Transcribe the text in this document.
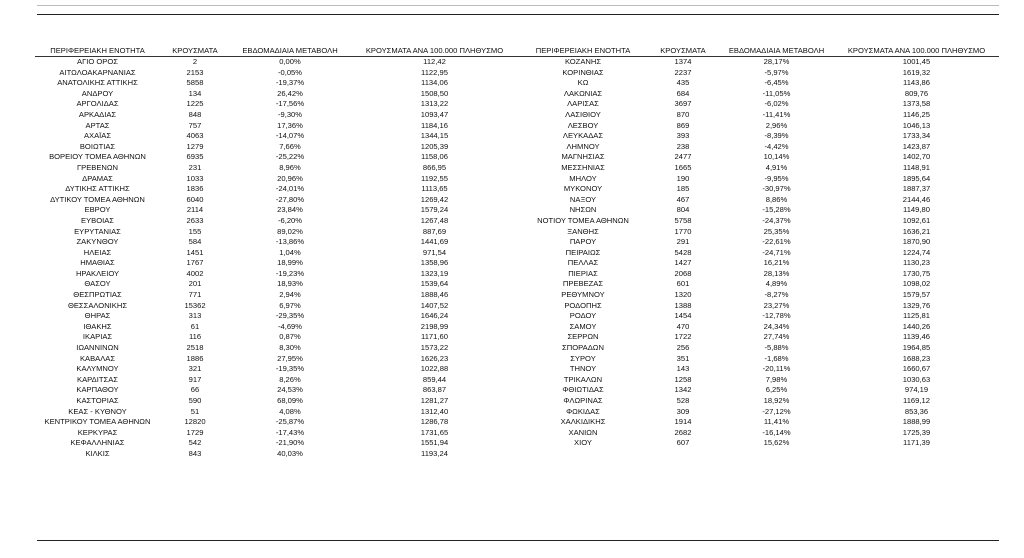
ΠΕΡΙΦΕΡΕΙΑΚΗ ΕΝΟΤΗΤΑ	ΚΡΟΥΣΜΑΤΑ	ΕΒΔΟΜΑΔΙΑΙΑ ΜΕΤΑΒΟΛΗ	ΚΡΟΥΣΜΑΤΑ ΑΝΑ 100.000 ΠΛΗΘΥΣΜΟ	ΠΕΡΙΦΕΡΕΙΑΚΗ ΕΝΟΤΗΤΑ	ΚΡΟΥΣΜΑΤΑ	ΕΒΔΟΜΑΔΙΑΙΑ ΜΕΤΑΒΟΛΗ	ΚΡΟΥΣΜΑΤΑ ΑΝΑ 100.000 ΠΛΗΘΥΣΜΟ
ΑΓΙΟ ΟΡΟΣ	2	0,00%	112,42	ΚΟΖΑΝΗΣ	1374	28,17%	1001,45
ΑΙΤΩΛΟΑΚΑΡΝΑΝΙΑΣ	2153	-0,05%	1122,95	ΚΟΡΙΝΘΙΑΣ	2237	-5,97%	1619,32
ΑΝΑΤΟΛΙΚΗΣ ΑΤΤΙΚΗΣ	5858	-19,37%	1134,06	ΚΩ	435	-6,45%	1143,86
ΑΝΔΡΟΥ	134	26,42%	1508,50	ΛΑΚΩΝΙΑΣ	684	-11,05%	809,76
ΑΡΓΟΛΙΔΑΣ	1225	-17,56%	1313,22	ΛΑΡΙΣΑΣ	3697	-6,02%	1373,58
ΑΡΚΑΔΙΑΣ	848	-9,30%	1093,47	ΛΑΣΙΘΙΟΥ	870	-11,41%	1146,25
ΑΡΤΑΣ	757	17,36%	1184,16	ΛΕΣΒΟΥ	869	2,96%	1046,13
ΑΧΑΪΑΣ	4063	-14,07%	1344,15	ΛΕΥΚΑΔΑΣ	393	-8,39%	1733,34
ΒΟΙΩΤΙΑΣ	1279	7,66%	1205,39	ΛΗΜΝΟΥ	238	-4,42%	1423,87
ΒΟΡΕΙΟΥ ΤΟΜΕΑ ΑΘΗΝΩΝ	6935	-25,22%	1158,06	ΜΑΓΝΗΣΙΑΣ	2477	10,14%	1402,70
ΓΡΕΒΕΝΩΝ	231	8,96%	866,95	ΜΕΣΣΗΝΙΑΣ	1665	4,91%	1148,91
ΔΡΑΜΑΣ	1033	20,96%	1192,55	ΜΗΛΟΥ	190	-9,95%	1895,64
ΔΥΤΙΚΗΣ ΑΤΤΙΚΗΣ	1836	-24,01%	1113,65	ΜΥΚΟΝΟΥ	185	-30,97%	1887,37
ΔΥΤΙΚΟΥ ΤΟΜΕΑ ΑΘΗΝΩΝ	6040	-27,80%	1269,42	ΝΑΞΟΥ	467	8,86%	2144,46
ΕΒΡΟΥ	2114	23,84%	1579,24	ΝΗΣΩΝ	804	-15,28%	1149,80
ΕΥΒΟΙΑΣ	2633	-6,20%	1267,48	ΝΟΤΙΟΥ ΤΟΜΕΑ ΑΘΗΝΩΝ	5758	-24,37%	1092,61
ΕΥΡΥΤΑΝΙΑΣ	155	89,02%	887,69	ΞΑΝΘΗΣ	1770	25,35%	1636,21
ΖΑΚΥΝΘΟΥ	584	-13,86%	1441,69	ΠΑΡΟΥ	291	-22,61%	1870,90
ΗΛΕΙΑΣ	1451	1,04%	971,54	ΠΕΙΡΑΙΩΣ	5428	-24,71%	1224,74
ΗΜΑΘΙΑΣ	1767	18,99%	1358,96	ΠΕΛΛΑΣ	1427	16,21%	1130,23
ΗΡΑΚΛΕΙΟΥ	4002	-19,23%	1323,19	ΠΙΕΡΙΑΣ	2068	28,13%	1730,75
ΘΑΣΟΥ	201	18,93%	1539,64	ΠΡΕΒΕΖΑΣ	601	4,89%	1098,02
ΘΕΣΠΡΩΤΙΑΣ	771	2,94%	1888,46	ΡΕΘΥΜΝΟΥ	1320	-8,27%	1579,57
ΘΕΣΣΑΛΟΝΙΚΗΣ	15362	6,97%	1407,52	ΡΟΔΟΠΗΣ	1388	23,27%	1329,76
ΘΗΡΑΣ	313	-29,35%	1646,24	ΡΟΔΟΥ	1454	-12,78%	1125,81
ΙΘΑΚΗΣ	61	-4,69%	2198,99	ΣΑΜΟΥ	470	24,34%	1440,26
ΙΚΑΡΙΑΣ	116	0,87%	1171,60	ΣΕΡΡΩΝ	1722	27,74%	1139,46
ΙΩΑΝΝΙΝΩΝ	2518	8,30%	1573,22	ΣΠΟΡΑΔΩΝ	256	-5,88%	1964,85
ΚΑΒΑΛΑΣ	1886	27,95%	1626,23	ΣΥΡΟΥ	351	-1,68%	1688,23
ΚΑΛΥΜΝΟΥ	321	-19,35%	1022,88	ΤΗΝΟΥ	143	-20,11%	1660,67
ΚΑΡΔΙΤΣΑΣ	917	8,26%	859,44	ΤΡΙΚΑΛΩΝ	1258	7,98%	1030,63
ΚΑΡΠΑΘΟΥ	66	24,53%	863,87	ΦΘΙΩΤΙΔΑΣ	1342	6,25%	974,19
ΚΑΣΤΟΡΙΑΣ	590	68,09%	1281,27	ΦΛΩΡΙΝΑΣ	528	18,92%	1169,12
ΚΕΑΣ - ΚΥΘΝΟΥ	51	4,08%	1312,40	ΦΩΚΙΔΑΣ	309	-27,12%	853,36
ΚΕΝΤΡΙΚΟΥ ΤΟΜΕΑ ΑΘΗΝΩΝ	12820	-25,87%	1286,78	ΧΑΛΚΙΔΙΚΗΣ	1914	11,41%	1888,99
ΚΕΡΚΥΡΑΣ	1729	-17,43%	1731,65	ΧΑΝΙΩΝ	2682	-16,14%	1725,39
ΚΕΦΑΛΛΗΝΙΑΣ	542	-21,90%	1551,94	ΧΙΟΥ	607	15,62%	1171,39
ΚΙΛΚΙΣ	843	40,03%	1193,24				
